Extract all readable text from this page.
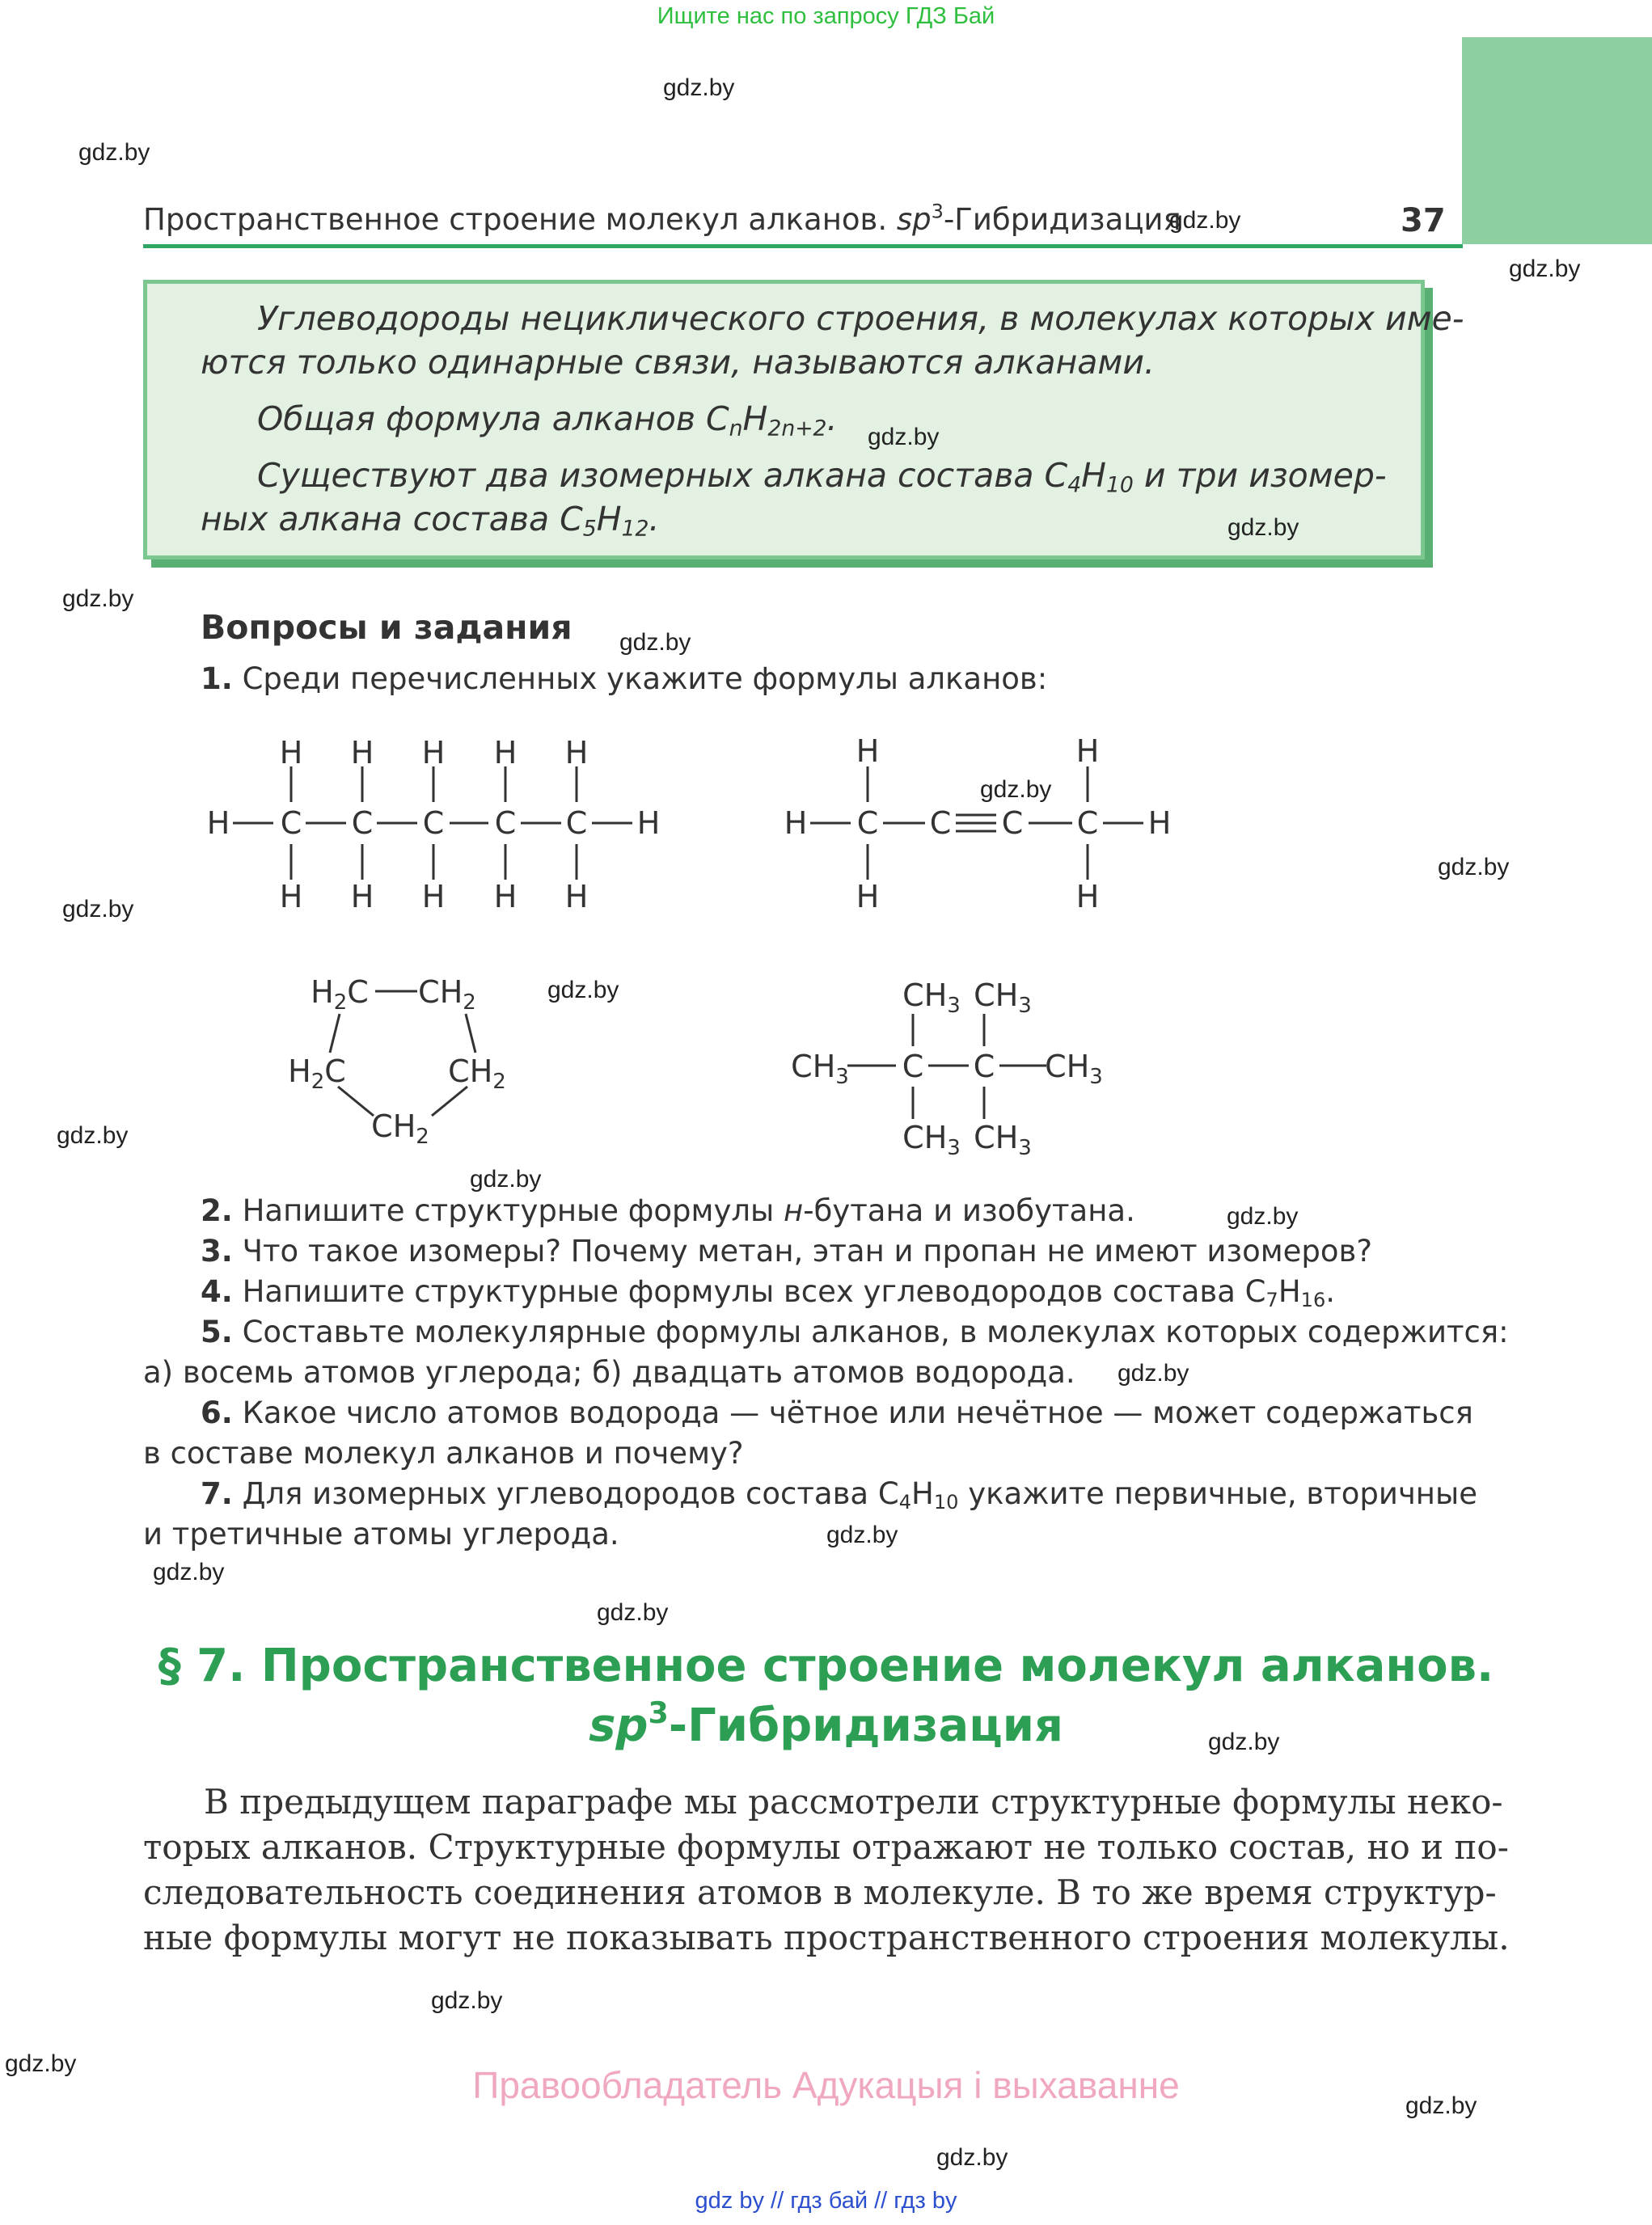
Ищите нас по запросу ГДЗ Бай
Пространственное строение молекул алканов. $sp^3$-Гибридизация	37
Углеводороды нециклического строения, в молекулах которых име-
ются только одинарные связи, называются алканами.
Общая формула алканов $C_nH_{2n+2}$.
Существуют два изомерных алкана состава $C_4H_{10}$ и три изомер-
ных алкана состава $C_5H_{12}$.
Вопросы и задания
1. Среди перечисленных укажите формулы алканов:
H H H H H
H C C C C C H
H H H H H
H	H
H C C C C H
H	H
$H_2C$ $CH_2$
$H_2C$	$CH_2$
$CH_2$
$CH_3$ $CH_3$
$CH_3$ C C $CH_3$
$CH_3$ $CH_3$
2. Напишите структурные формулы н-бутана и изобутана.
3. Что такое изомеры? Почему метан, этан и пропан не имеют изомеров?
4. Напишите структурные формулы всех углеводородов состава $C_7H_{16}$.
5. Составьте молекулярные формулы алканов, в молекулах которых содержится:
а) восемь атомов углерода; б) двадцать атомов водорода.
6. Какое число атомов водорода — чётное или нечётное — может содержаться
в составе молекул алканов и почему?
7. Для изомерных углеводородов состава $C_4H_{10}$ укажите первичные, вторичные
и третичные атомы углерода.
§ 7. Пространственное строение молекул алканов.
$sp^3$-Гибридизация
В предыдущем параграфе мы рассмотрели структурные формулы неко-
торых алканов. Структурные формулы отражают не только состав, но и по-
следовательность соединения атомов в молекуле. В то же время структур-
ные формулы могут не показывать пространственного строения молекулы.
Правообладатель Адукацыя і выхаванне
gdz by // гдз бай // гдз by
gdz.by
gdz.by
gdz.by
gdz.by
gdz.by
gdz.by
gdz.by
gdz.by
gdz.by
gdz.by
gdz.by
gdz.by
gdz.by
gdz.by
gdz.by
gdz.by
gdz.by
gdz.by
gdz.by
gdz.by
gdz.by
gdz.by
gdz.by
gdz.by
